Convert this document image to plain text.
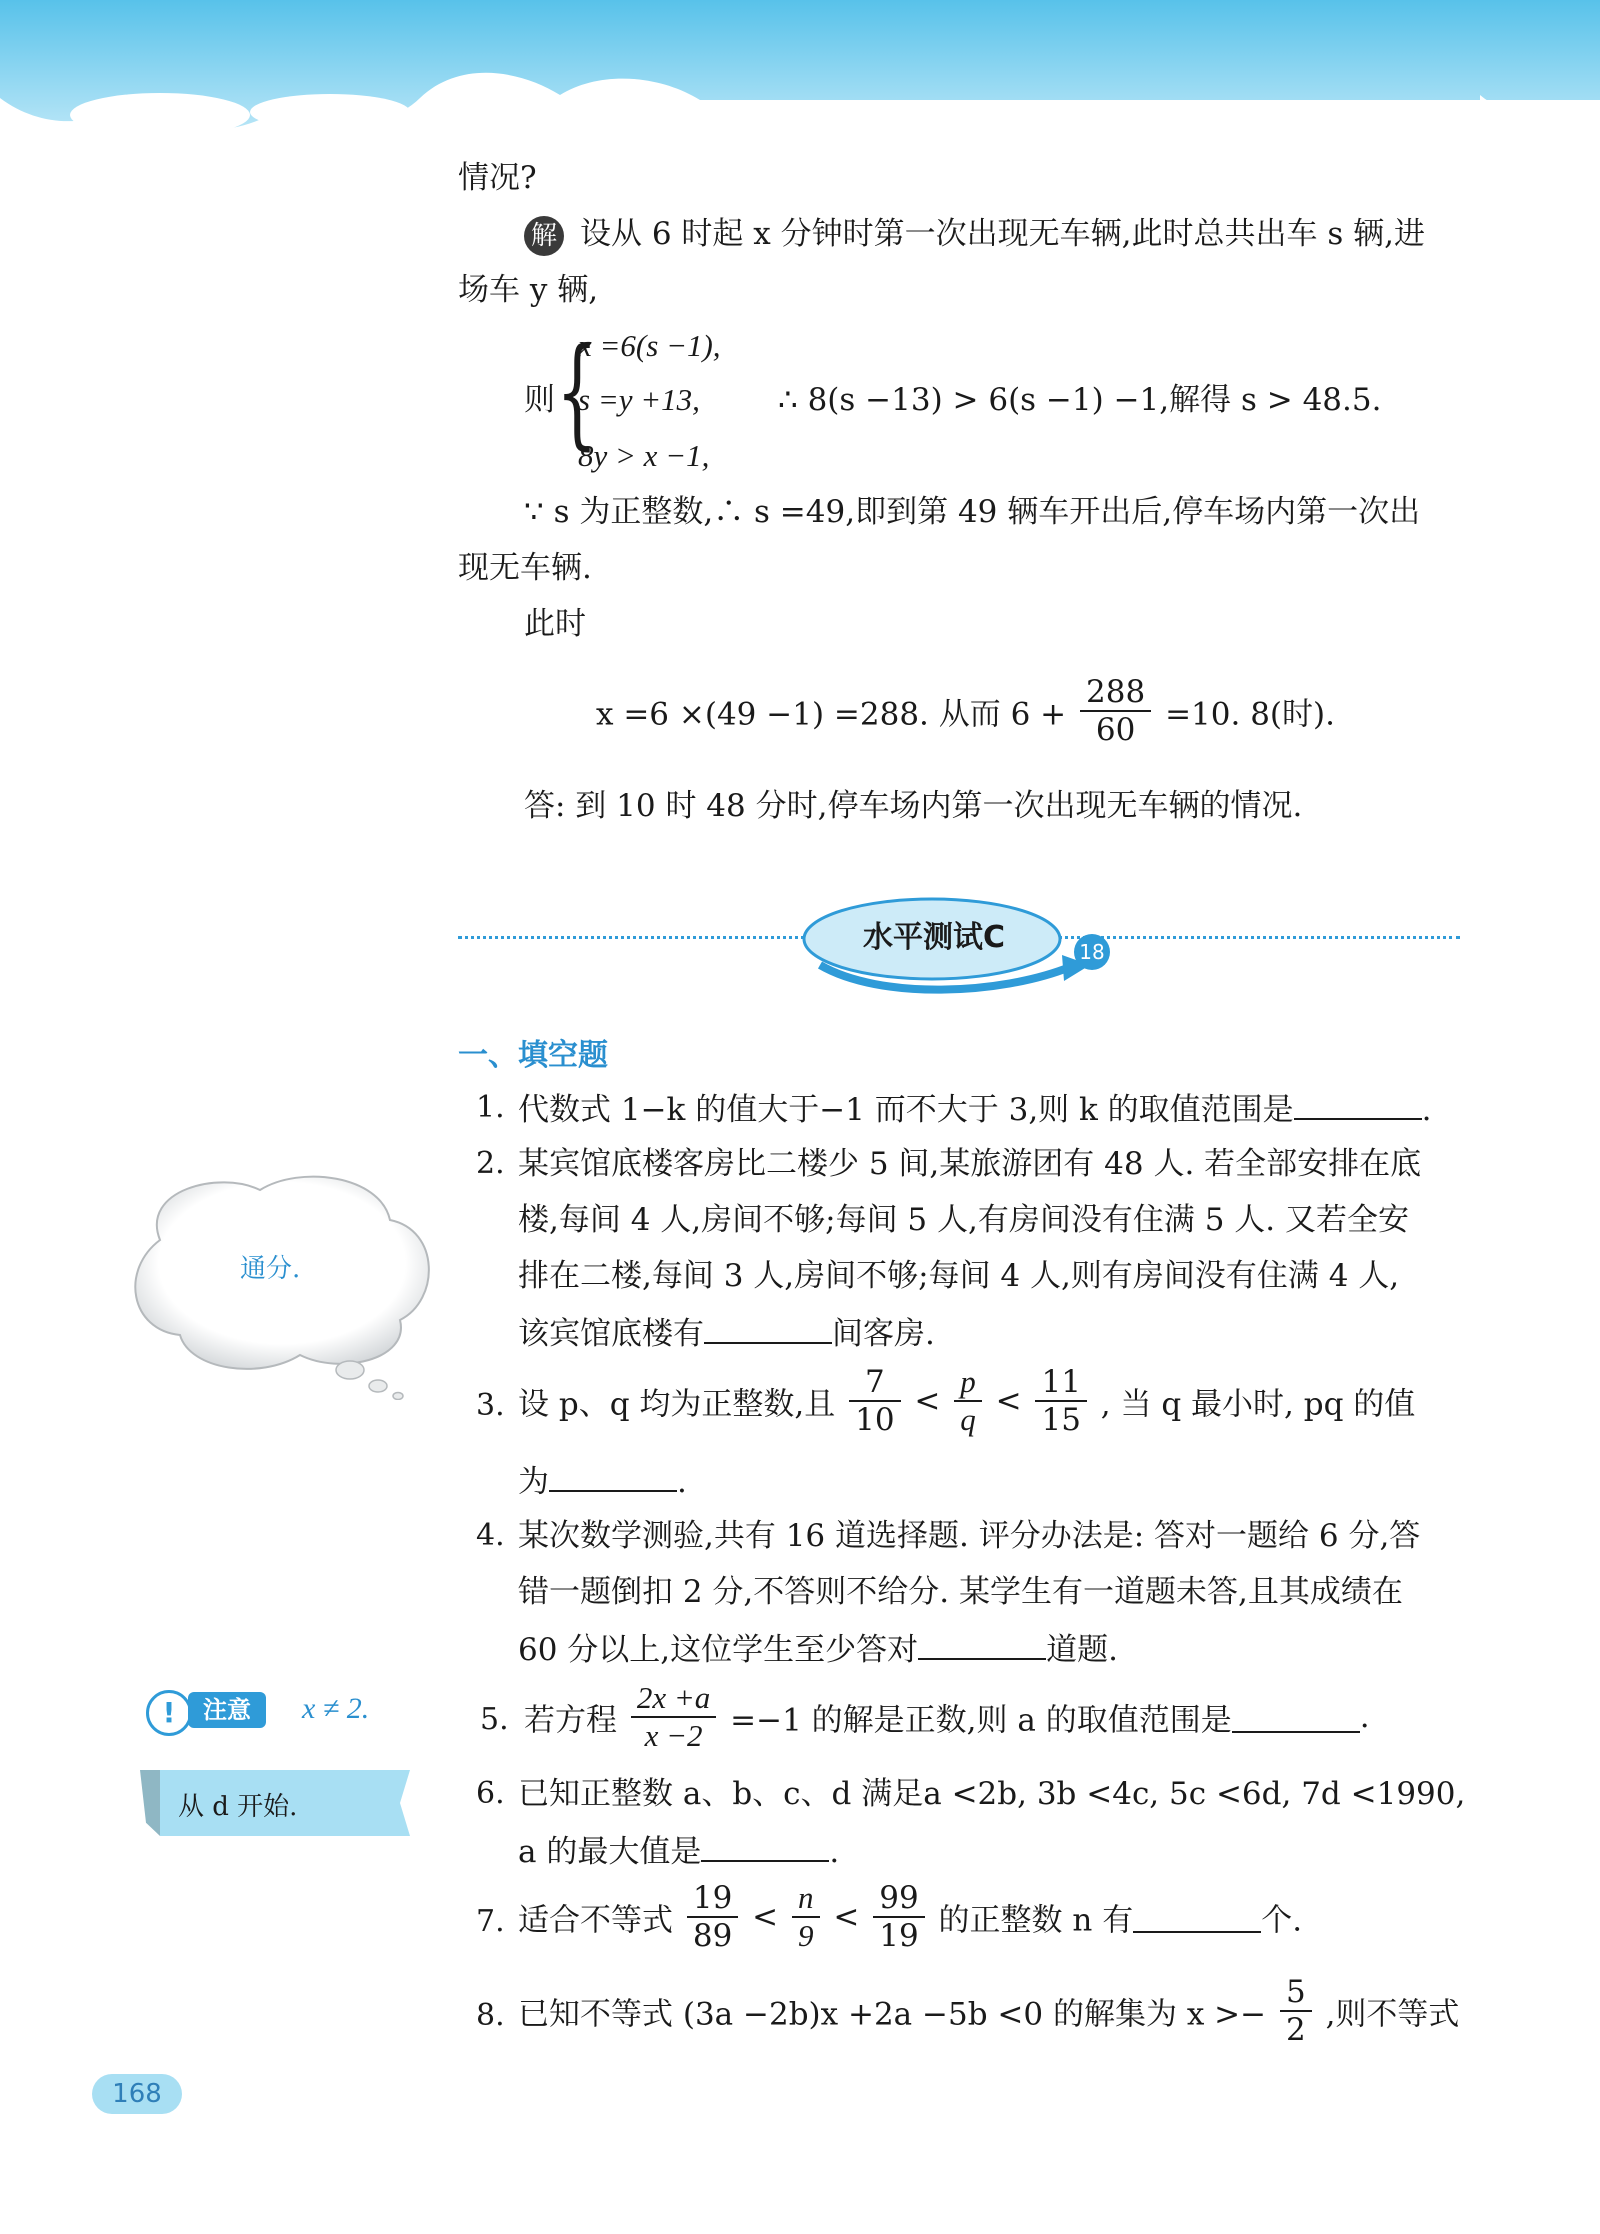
情况?
解 设从 6 时起 x 分钟时第一次出现无车辆,此时总共出车 s 辆,进
场车 y 辆,
则 {
x =6(s −1),
s =y +13,
8y > x −1,
∴ 8(s −13) > 6(s −1) −1,解得 s > 48.5.
∵ s 为正整数,∴ s =49,即到第 49 辆车开出后,停车场内第一次出
现无车辆.
此时
x =6 ×(49 −1) =288. 从而 $6 + \frac{288}{60} =10$. 8(时).
答: 到 10 时 48 分时,停车场内第一次出现无车辆的情况.
水平测试C	18
一、填空题
1. 代数式 1−k 的值大于−1 而不大于 3,则 k 的取值范围是	.
2. 某宾馆底楼客房比二楼少 5 间,某旅游团有 48 人. 若全部安排在底
楼,每间 4 人,房间不够;每间 5 人,有房间没有住满 5 人. 又若全安
排在二楼,每间 3 人,房间不够;每间 4 人,则有房间没有住满 4 人,
该宾馆底楼有	间客房.
3. 设 p、q 均为正整数,且 $\frac{7}{10} < \frac{p}{q} < \frac{11}{15}$ , 当 q 最小时, pq 的值
为	.
4. 某次数学测验,共有 16 道选择题. 评分办法是: 答对一题给 6 分,答
错一题倒扣 2 分,不答则不给分. 某学生有一道题未答,且其成绩在
60 分以上,这位学生至少答对	道题.
5. 若方程 $\frac{2x +a}{x -2} =-1$ 的解是正数,则 a 的取值范围是	.
6. 已知正整数 a、b、c、d 满足a <2b, 3b <4c, 5c <6d, 7d <1990,
a 的最大值是	.
7. 适合不等式 $\frac{19}{89} < \frac{n}{9} < \frac{99}{19}$ 的正整数 n 有	个.
8. 已知不等式 (3a −2b)x +2a −5b <0 的解集为 $x >- \frac{5}{2}$ ,则不等式
通分.
!	注意	x ≠ 2.
从 d 开始.
168
